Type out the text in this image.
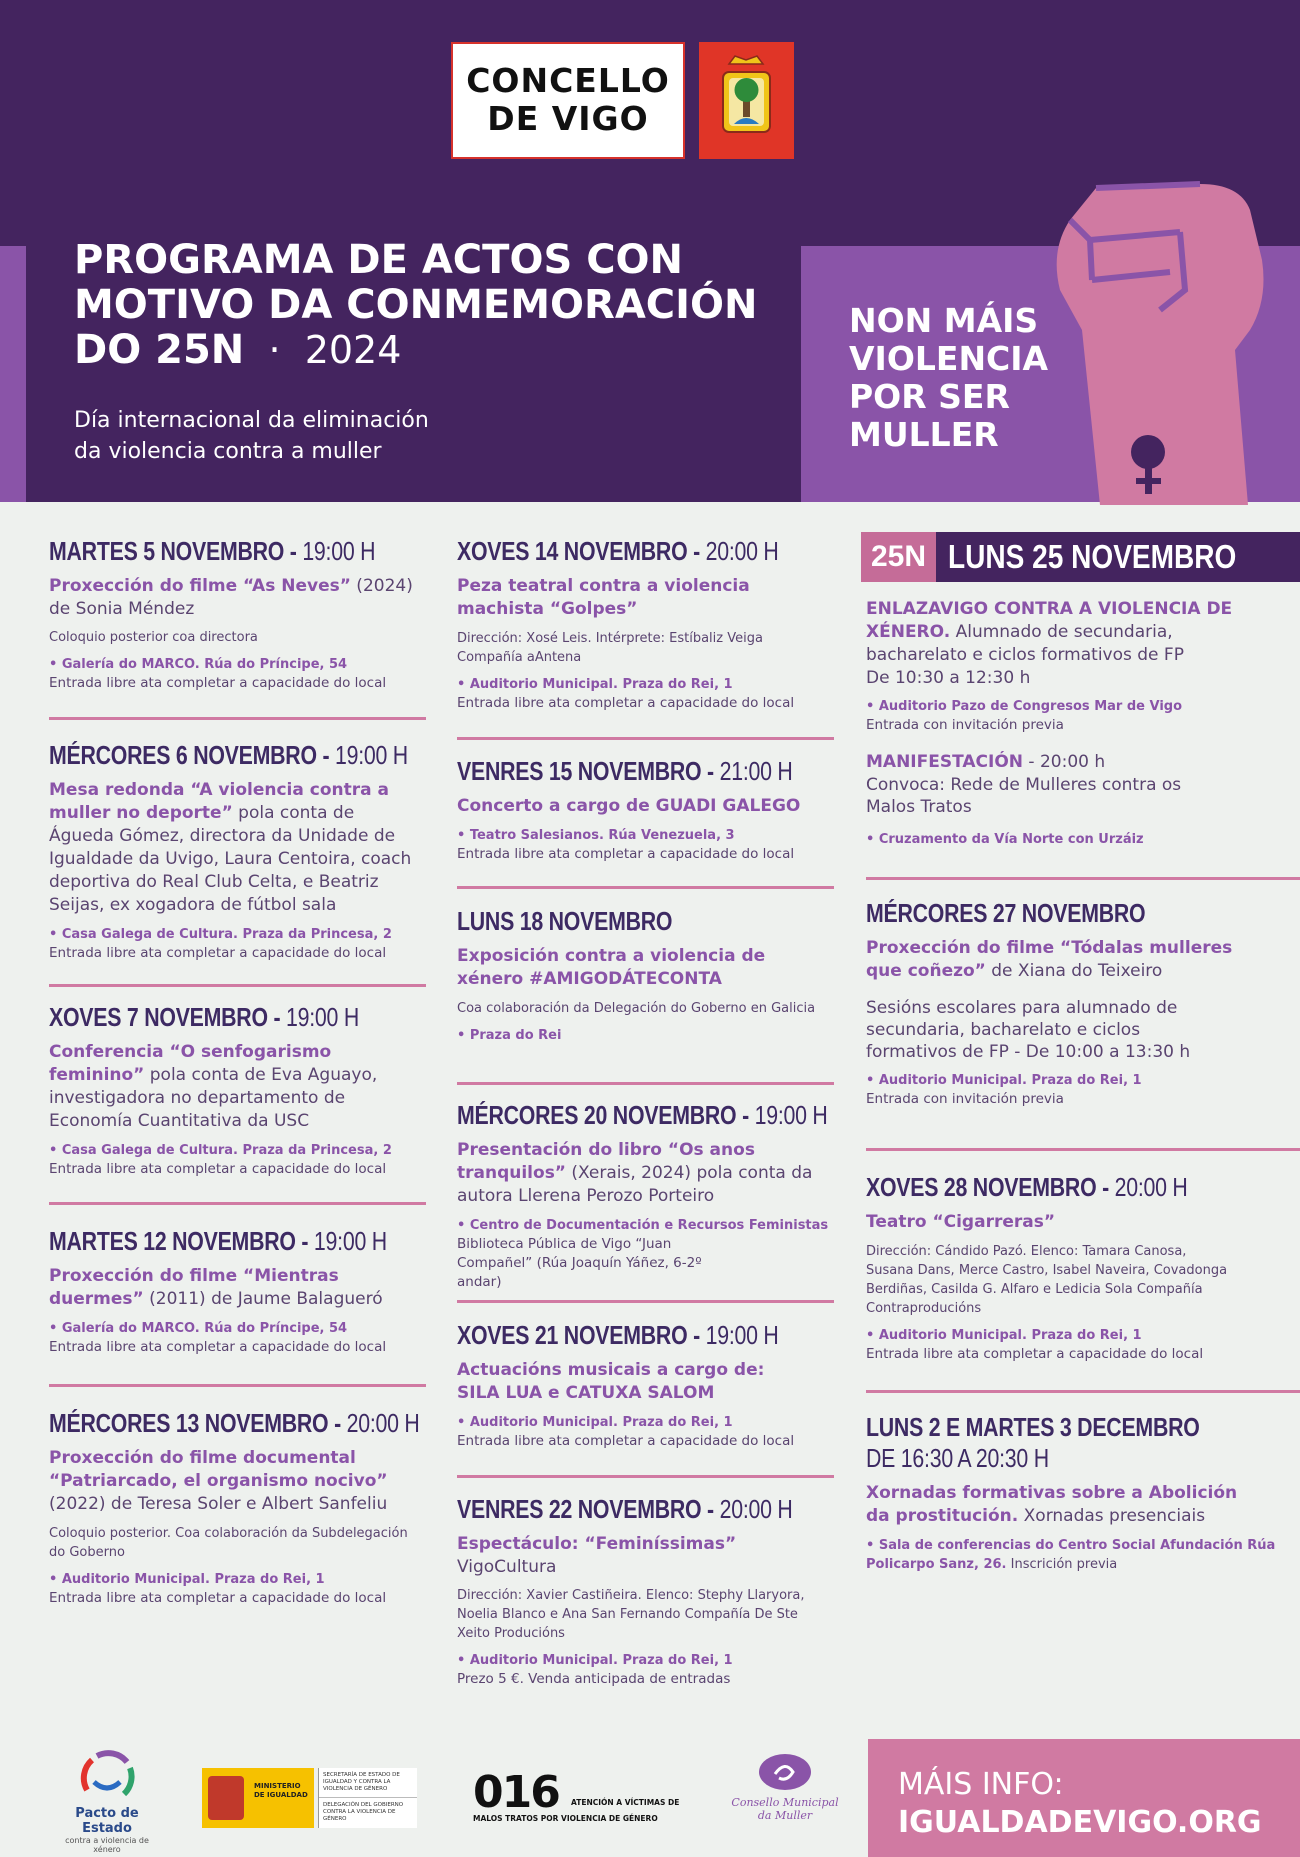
CONCELLO
DE VIGO
PROGRAMA DE ACTOS CON
MOTIVO DA CONMEMORACIÓN
DO 25N  ·  2024
Día internacional da eliminación
da violencia contra a muller
NON MÁIS
VIOLENCIA
POR SER
MULLER
MARTES 5 NOVEMBRO - 19:00 H
Proxección do filme “As Neves” (2024)
de Sonia Méndez
Coloquio posterior coa directora
• Galería do MARCO. Rúa do Príncipe, 54
Entrada libre ata completar a capacidade do local
MÉRCORES 6 NOVEMBRO - 19:00 H
Mesa redonda “A violencia contra a muller no deporte” pola conta de Águeda Gómez, directora da Unidade de Igualdade da Uvigo, Laura Centoira, coach deportiva do Real Club Celta, e Beatriz Seijas, ex xogadora de fútbol sala
• Casa Galega de Cultura. Praza da Princesa, 2
Entrada libre ata completar a capacidade do local
XOVES 7 NOVEMBRO - 19:00 H
Conferencia “O senfogarismo feminino” pola conta de Eva Aguayo, investigadora no departamento de Economía Cuantitativa da USC
• Casa Galega de Cultura. Praza da Princesa, 2
Entrada libre ata completar a capacidade do local
MARTES 12 NOVEMBRO - 19:00 H
Proxección do filme “Mientras duermes” (2011) de Jaume Balagueró
• Galería do MARCO. Rúa do Príncipe, 54
Entrada libre ata completar a capacidade do local
MÉRCORES 13 NOVEMBRO - 20:00 H
Proxección do filme documental “Patriarcado, el organismo nocivo” (2022) de Teresa Soler e Albert Sanfeliu
Coloquio posterior. Coa colaboración da Subdelegación do Goberno
• Auditorio Municipal. Praza do Rei, 1
Entrada libre ata completar a capacidade do local
XOVES 14 NOVEMBRO - 20:00 H
Peza teatral contra a violencia machista “Golpes”
Dirección: Xosé Leis. Intérprete: Estíbaliz Veiga Compañía aAntena
• Auditorio Municipal. Praza do Rei, 1
Entrada libre ata completar a capacidade do local
VENRES 15 NOVEMBRO - 21:00 H
Concerto a cargo de GUADI GALEGO
• Teatro Salesianos. Rúa Venezuela, 3
Entrada libre ata completar a capacidade do local
LUNS 18 NOVEMBRO
Exposición contra a violencia de xénero #AMIGODÁTECONTA
Coa colaboración da Delegación do Goberno en Galicia
• Praza do Rei
MÉRCORES 20 NOVEMBRO - 19:00 H
Presentación do libro “Os anos tranquilos” (Xerais, 2024) pola conta da autora Llerena Perozo Porteiro
• Centro de Documentación e Recursos Feministas
Biblioteca Pública de Vigo “Juan Compañel” (Rúa Joaquín Yáñez, 6-2º andar)
XOVES 21 NOVEMBRO - 19:00 H
Actuacións musicais a cargo de: SILA LUA e CATUXA SALOM
• Auditorio Municipal. Praza do Rei, 1
Entrada libre ata completar a capacidade do local
VENRES 22 NOVEMBRO - 20:00 H
Espectáculo: “Feminíssimas”
VigoCultura
Dirección: Xavier Castiñeira. Elenco: Stephy Llaryora, Noelia Blanco e Ana San Fernando Compañía De Ste Xeito Producións
• Auditorio Municipal. Praza do Rei, 1
Prezo 5 €. Venda anticipada de entradas
25N LUNS 25 NOVEMBRO
ENLAZAVIGO CONTRA A VIOLENCIA DE XÉNERO. Alumnado de secundaria, bacharelato e ciclos formativos de FP
De 10:30 a 12:30 h
• Auditorio Pazo de Congresos Mar de Vigo
Entrada con invitación previa
MANIFESTACIÓN - 20:00 h
Convoca: Rede de Mulleres contra os Malos Tratos
• Cruzamento da Vía Norte con Urzáiz
MÉRCORES 27 NOVEMBRO
Proxección do filme “Tódalas mulleres que coñezo” de Xiana do Teixeiro
Sesións escolares para alumnado de secundaria, bacharelato e ciclos formativos de FP - De 10:00 a 13:30 h
• Auditorio Municipal. Praza do Rei, 1
Entrada con invitación previa
XOVES 28 NOVEMBRO - 20:00 H
Teatro “Cigarreras”
Dirección: Cándido Pazó. Elenco: Tamara Canosa, Susana Dans, Merce Castro, Isabel Naveira, Covadonga Berdiñas, Casilda G. Alfaro e Ledicia Sola Compañía Contraproducións
• Auditorio Municipal. Praza do Rei, 1
Entrada libre ata completar a capacidade do local
LUNS 2 E MARTES 3 DECEMBRO
DE 16:30 A 20:30 H
Xornadas formativas sobre a Abolición da prostitución. Xornadas presenciais
• Sala de conferencias do Centro Social Afundación Rúa Policarpo Sanz, 26. Inscrición previa
Pacto de Estado
contra a violencia de xénero
MINISTERIO DE IGUALDAD
SECRETARÍA DE ESTADO DE IGUALDAD Y CONTRA LA VIOLENCIA DE GÉNERO
DELEGACIÓN DEL GOBIERNO CONTRA LA VIOLENCIA DE GÉNERO
016 ATENCIÓN A VÍCTIMAS DE
MALOS TRATOS POR VIOLENCIA DE GÉNERO
Consello Municipal da Muller
MÁIS INFO:
IGUALDADEVIGO.ORG
